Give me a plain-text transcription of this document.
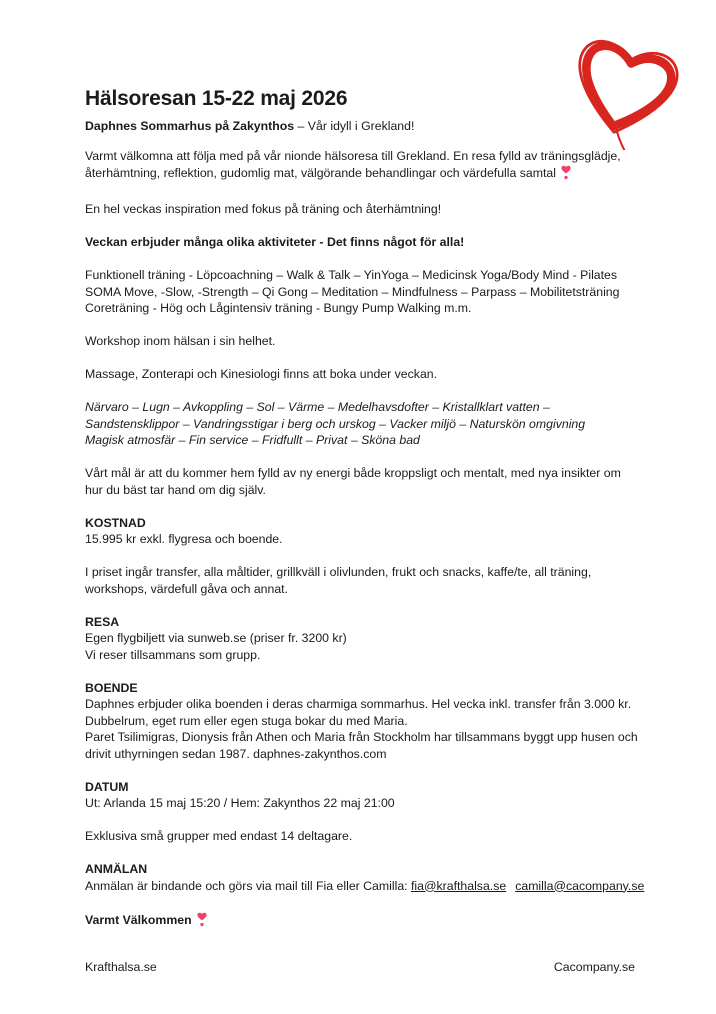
Hälsoresan 15-22 maj 2026
Daphnes Sommarhus på Zakynthos – Vår idyll i Grekland!
Varmt välkomna att följa med på vår nionde hälsoresa till Grekland. En resa fylld av träningsglädje,
återhämtning, reflektion, gudomlig mat, välgörande behandlingar och värdefulla samtal
En hel veckas inspiration med fokus på träning och återhämtning!
Veckan erbjuder många olika aktiviteter - Det finns något för alla!
Funktionell träning - Löpcoachning – Walk & Talk – YinYoga – Medicinsk Yoga/Body Mind - Pilates
SOMA Move, -Slow, -Strength – Qi Gong – Meditation – Mindfulness – Parpass – Mobilitetsträning
Coreträning - Hög och Lågintensiv träning - Bungy Pump Walking m.m.
Workshop inom hälsan i sin helhet.
Massage, Zonterapi och Kinesiologi finns att boka under veckan.
Närvaro – Lugn – Avkoppling – Sol – Värme – Medelhavsdofter – Kristallklart vatten –
Sandstensklippor – Vandringsstigar i berg och urskog – Vacker miljö – Naturskön omgivning
Magisk atmosfär – Fin service – Fridfullt – Privat – Sköna bad
Vårt mål är att du kommer hem fylld av ny energi både kroppsligt och mentalt, med nya insikter om
hur du bäst tar hand om dig själv.
KOSTNAD
15.995 kr exkl. flygresa och boende.
I priset ingår transfer, alla måltider, grillkväll i olivlunden, frukt och snacks, kaffe/te, all träning,
workshops, värdefull gåva och annat.
RESA
Egen flygbiljett via sunweb.se (priser fr. 3200 kr)
Vi reser tillsammans som grupp.
BOENDE
Daphnes erbjuder olika boenden i deras charmiga sommarhus. Hel vecka inkl. transfer från 3.000 kr.
Dubbelrum, eget rum eller egen stuga bokar du med Maria.
Paret Tsilimigras, Dionysis från Athen och Maria från Stockholm har tillsammans byggt upp husen och
drivit uthyrningen sedan 1987. daphnes-zakynthos.com
DATUM
Ut: Arlanda 15 maj 15:20 / Hem: Zakynthos 22 maj 21:00
Exklusiva små grupper med endast 14 deltagare.
ANMÄLAN
Anmälan är bindande och görs via mail till Fia eller Camilla: fia@krafthalsa.se camilla@cacompany.se
Varmt Välkommen
Krafthalsa.se	Cacompany.se
